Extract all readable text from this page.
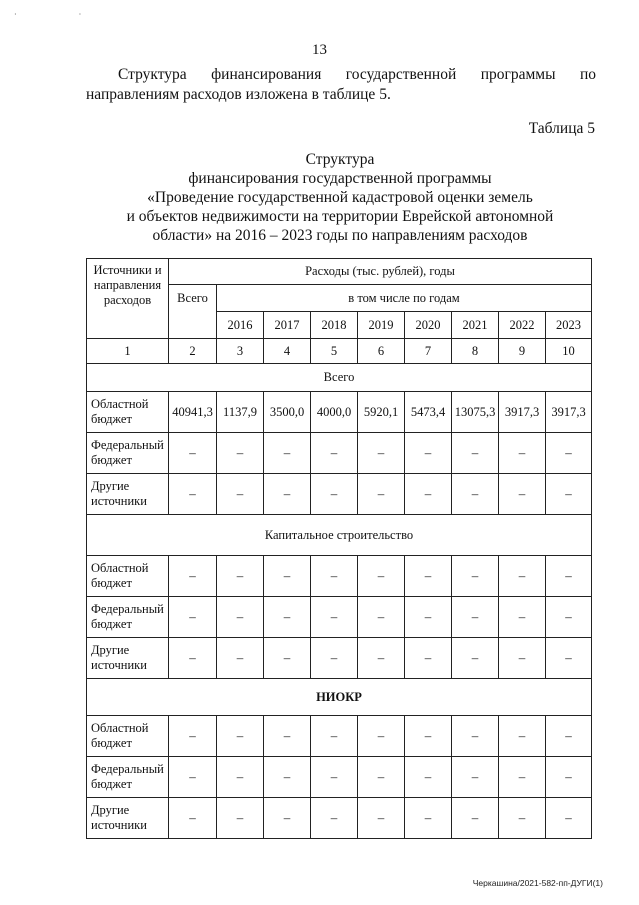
· ·
13
Структура финансирования государственной программы по
направлениям расходов изложена в таблице 5.
Таблица 5
Структура
финансирования государственной программы
«Проведение государственной кадастровой оценки земель
и объектов недвижимости на территории Еврейской автономной
области» на 2016 – 2023 годы по направлениям расходов
Источники и направления расходов	Расходы (тыс. рублей), годы								
	Всего	в том числе по годам							
		2016	2017	2018	2019	2020	2021	2022	2023
1	2	3	4	5	6	7	8	9	10
Всего									
Областной бюджет	40941,3	1137,9	3500,0	4000,0	5920,1	5473,4	13075,3	3917,3	3917,3
Федеральный бюджет	–	–	–	–	–	–	–	–	–
Другие источники	–	–	–	–	–	–	–	–	–
Капитальное строительство									
Областной бюджет	–	–	–	–	–	–	–	–	–
Федеральный бюджет	–	–	–	–	–	–	–	–	–
Другие источники	–	–	–	–	–	–	–	–	–
НИОКР									
Областной бюджет	–	–	–	–	–	–	–	–	–
Федеральный бюджет	–	–	–	–	–	–	–	–	–
Другие источники	–	–	–	–	–	–	–	–	–
Черкашина/2021-582-пп-ДУГИ(1)
